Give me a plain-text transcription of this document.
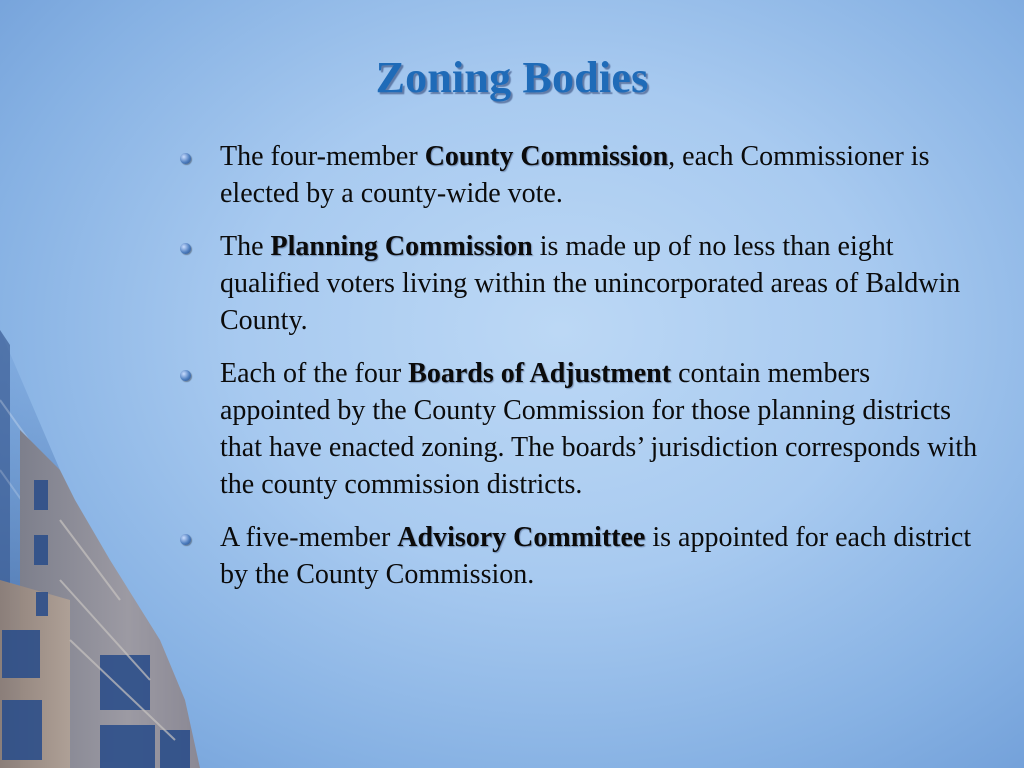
Zoning Bodies
The four-member County Commission, each Commissioner is elected by a county-wide vote.
The Planning Commission is made up of no less than eight qualified voters living within the unincorporated areas of Baldwin County.
Each of the four Boards of Adjustment contain members appointed by the County Commission for those planning districts that have enacted zoning. The boards’ jurisdiction corresponds with the county commission districts.
A five-member Advisory Committee is appointed for each district by the County Commission.
